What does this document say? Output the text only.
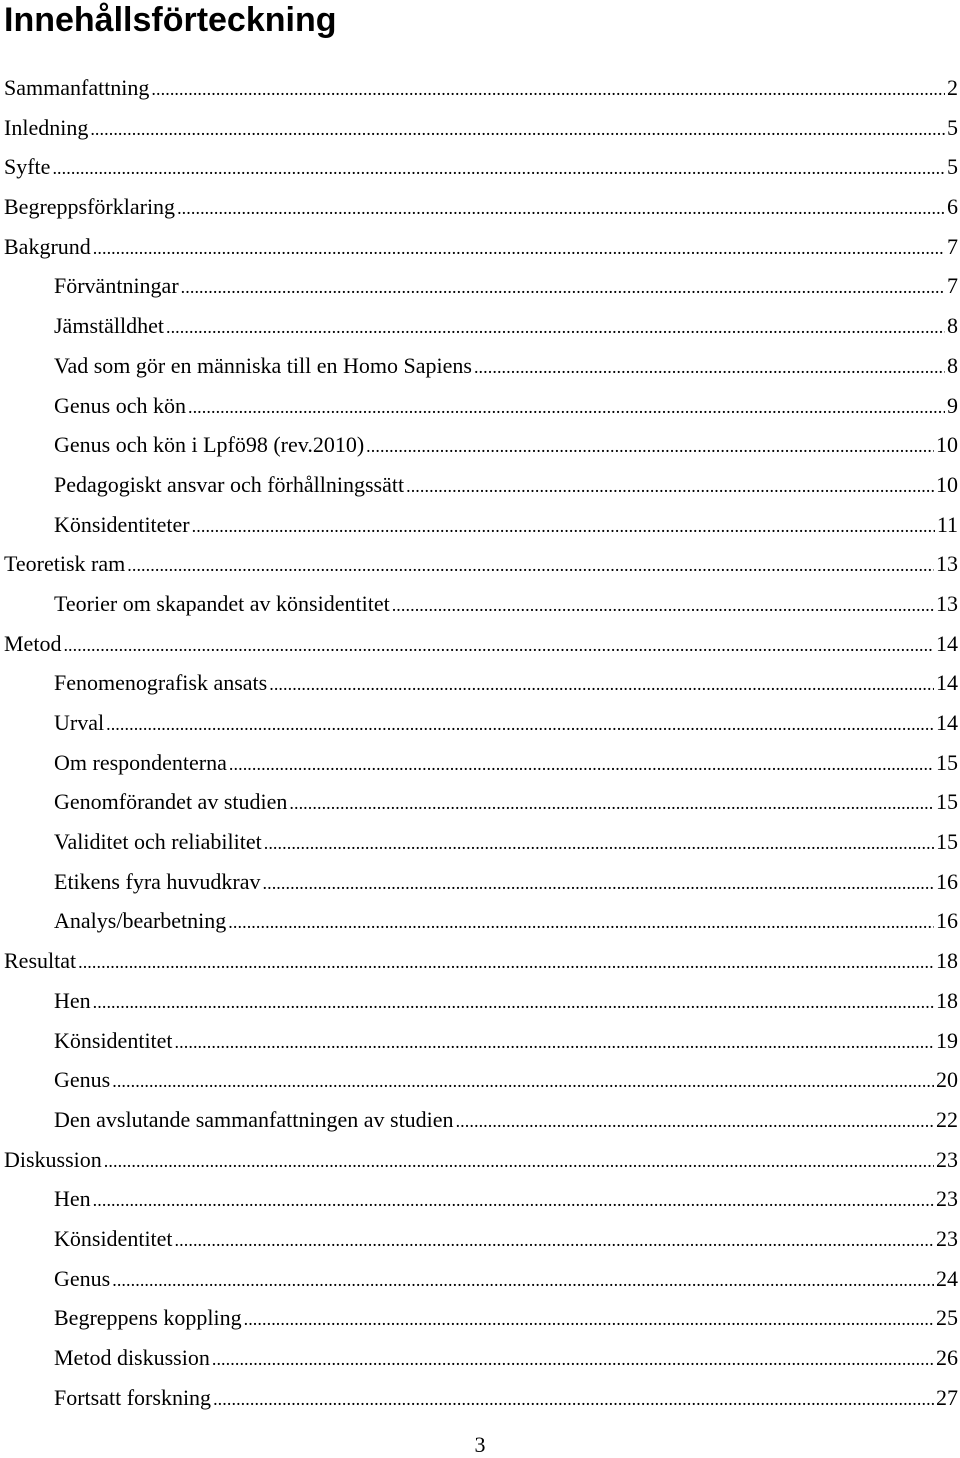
Innehållsförteckning
Sammanfattning . . .	2
Inledning . . .	5
Syfte . . .	5
Begreppsförklaring . . .	6
Bakgrund . . .	7
Förväntningar . . .	7
Jämställdhet . . .	8
Vad som gör en människa till en Homo Sapiens . . .	8
Genus och kön . . .	9
Genus och kön i Lpfö98 (rev.2010) . . .	10
Pedagogiskt ansvar och förhållningssätt . . .	10
Könsidentiteter . . .	11
Teoretisk ram . . .	13
Teorier om skapandet av könsidentitet . . .	13
Metod . . .	14
Fenomenografisk ansats . . .	14
Urval . . .	14
Om respondenterna . . .	15
Genomförandet av studien . . .	15
Validitet och reliabilitet . . .	15
Etikens fyra huvudkrav . . .	16
Analys/bearbetning . . .	16
Resultat . . .	18
Hen . . .	18
Könsidentitet . . .	19
Genus . . .	20
Den avslutande sammanfattningen av studien . . .	22
Diskussion . . .	23
Hen . . .	23
Könsidentitet . . .	23
Genus . . .	24
Begreppens koppling . . .	25
Metod diskussion . . .	26
Fortsatt forskning . . .	27
3
